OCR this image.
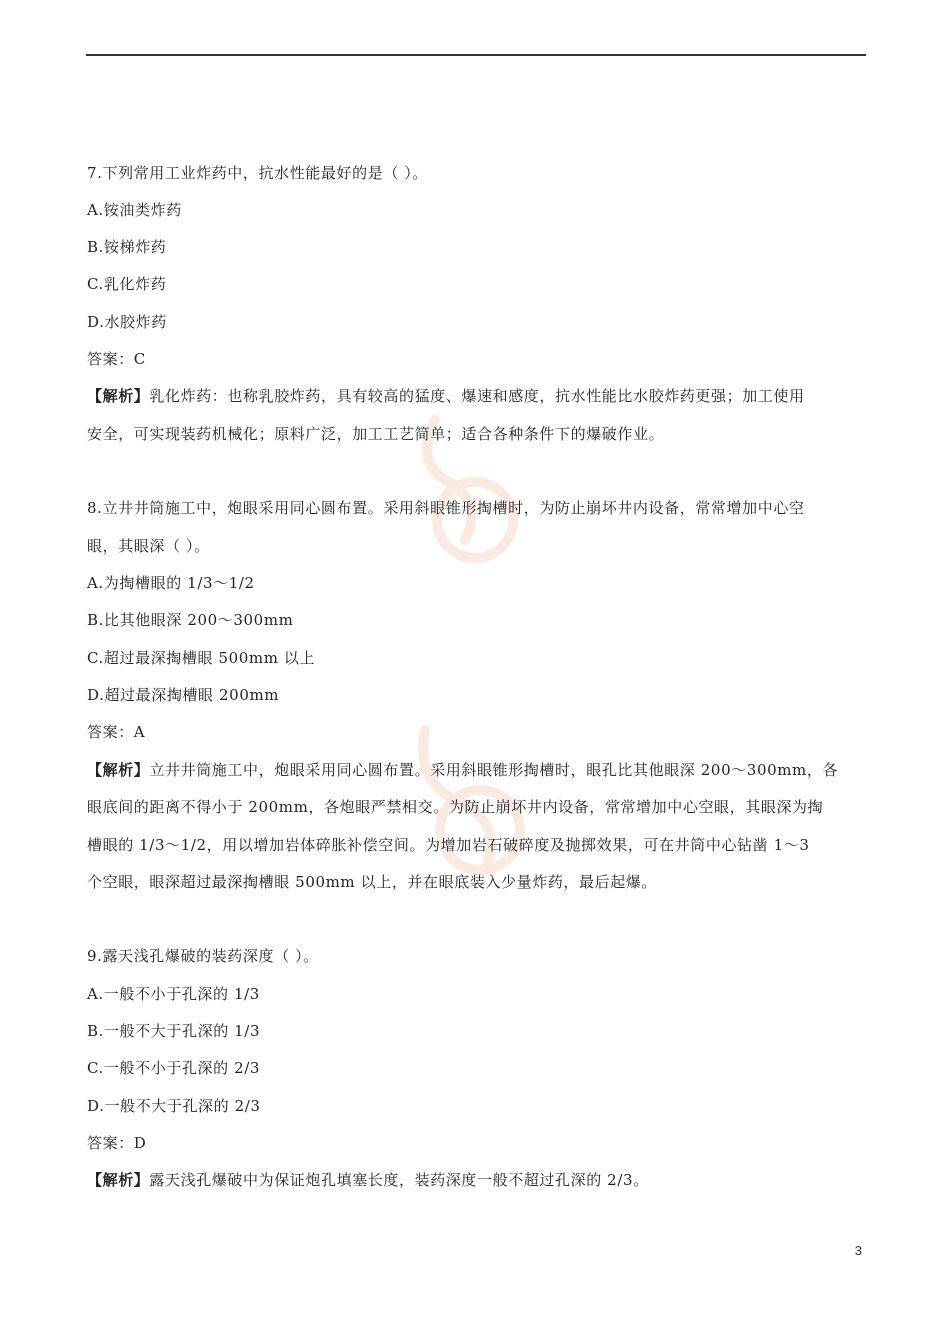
7.下列常用工业炸药中，抗水性能最好的是（ ）。
A.铵油类炸药
B.铵梯炸药
C.乳化炸药
D.水胶炸药
答案：C
【解析】乳化炸药：也称乳胶炸药，具有较高的猛度、爆速和感度，抗水性能比水胶炸药更强；加工使用
安全，可实现装药机械化；原料广泛，加工工艺简单；适合各种条件下的爆破作业。
8.立井井筒施工中，炮眼采用同心圆布置。采用斜眼锥形掏槽时，为防止崩坏井内设备，常常增加中心空
眼，其眼深（ ）。
A.为掏槽眼的 1/3～1/2
B.比其他眼深 200～300mm
C.超过最深掏槽眼 500mm 以上
D.超过最深掏槽眼 200mm
答案：A
【解析】立井井筒施工中，炮眼采用同心圆布置。采用斜眼锥形掏槽时，眼孔比其他眼深 200～300mm，各
眼底间的距离不得小于 200mm，各炮眼严禁相交。为防止崩坏井内设备，常常增加中心空眼，其眼深为掏
槽眼的 1/3～1/2，用以增加岩体碎胀补偿空间。为增加岩石破碎度及抛掷效果，可在井筒中心钻凿 1～3
个空眼，眼深超过最深掏槽眼 500mm 以上，并在眼底装入少量炸药，最后起爆。
9.露天浅孔爆破的装药深度（ ）。
A.一般不小于孔深的 1/3
B.一般不大于孔深的 1/3
C.一般不小于孔深的 2/3
D.一般不大于孔深的 2/3
答案：D
【解析】露天浅孔爆破中为保证炮孔填塞长度，装药深度一般不超过孔深的 2/3。
3
